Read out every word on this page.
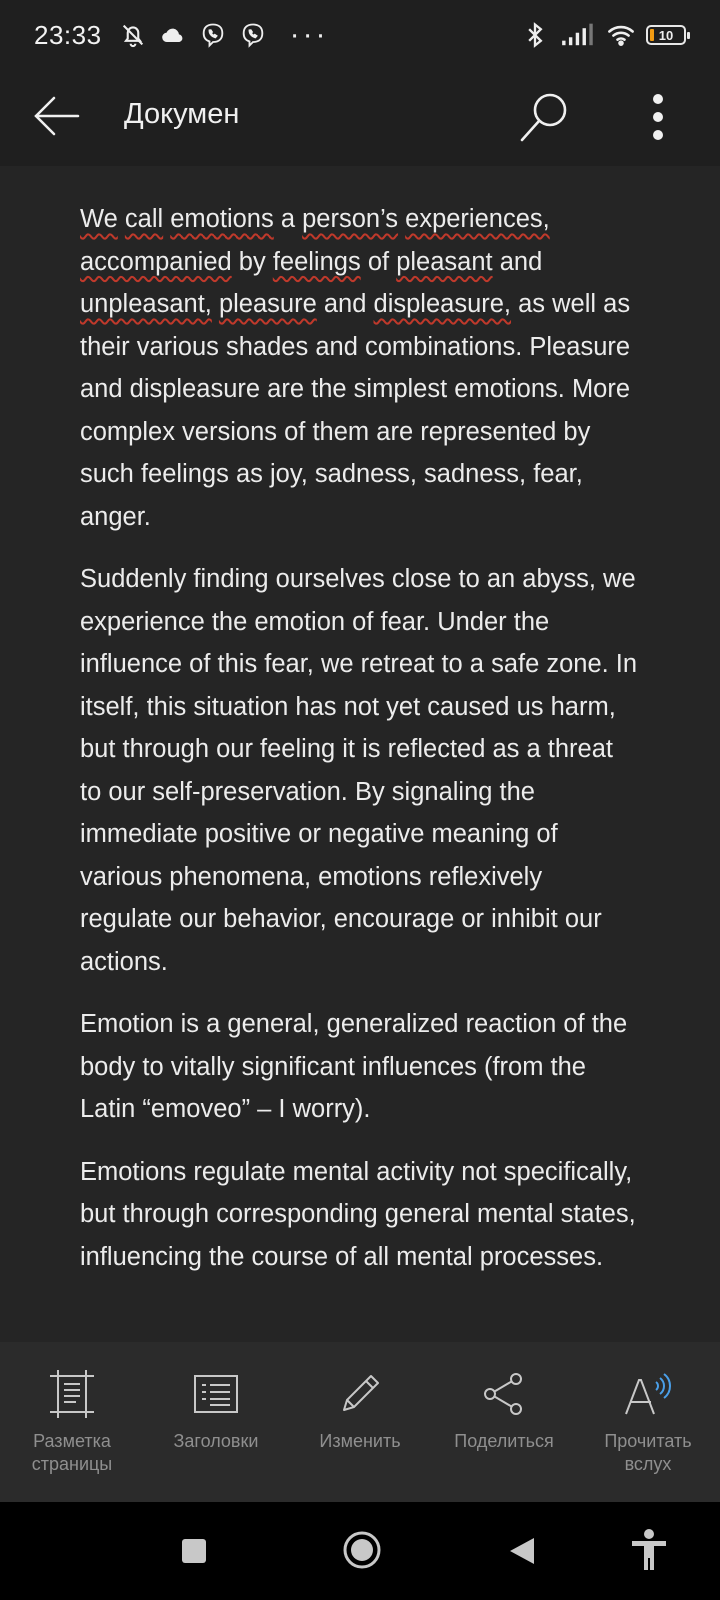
23:33	···	10
Докумен

We call emotions a person’s experiences, accompanied by feelings of pleasant and unpleasant, pleasure and displeasure, as well as their various shades and combinations. Pleasure and displeasure are the simplest emotions. More complex versions of them are represented by such feelings as joy, sadness, sadness, fear, anger.

Suddenly finding ourselves close to an abyss, we experience the emotion of fear. Under the influence of this fear, we retreat to a safe zone. In itself, this situation has not yet caused us harm, but through our feeling it is reflected as a threat to our self-preservation. By signaling the immediate positive or negative meaning of various phenomena, emotions reflexively regulate our behavior, encourage or inhibit our actions.

Emotion is a general, generalized reaction of the body to vitally significant influences (from the Latin “emoveo” – I worry).

Emotions regulate mental activity not specifically, but through corresponding general mental states, influencing the course of all mental processes.

Разметка страницы
Заголовки	Изменить	Поделиться	Прочитать вслух
